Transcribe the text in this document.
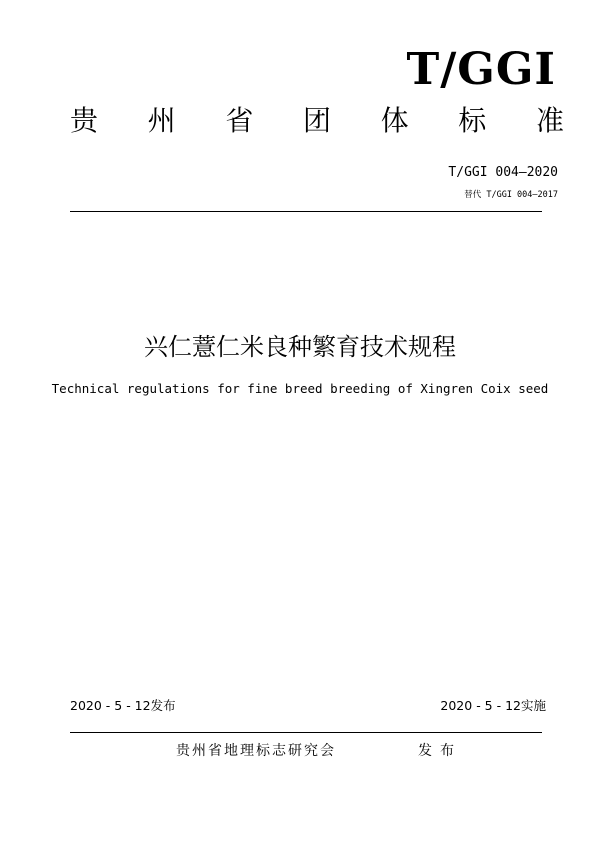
T/GGI
贵 州 省 团 体 标 准
T/GGI 004—2020
替代 T/GGI 004—2017
兴仁薏仁米良种繁育技术规程
Technical regulations for fine breed breeding of Xingren Coix seed
2020 - 5 - 12发布	2020 - 5 - 12实施
贵州省地理标志研究会	发布
